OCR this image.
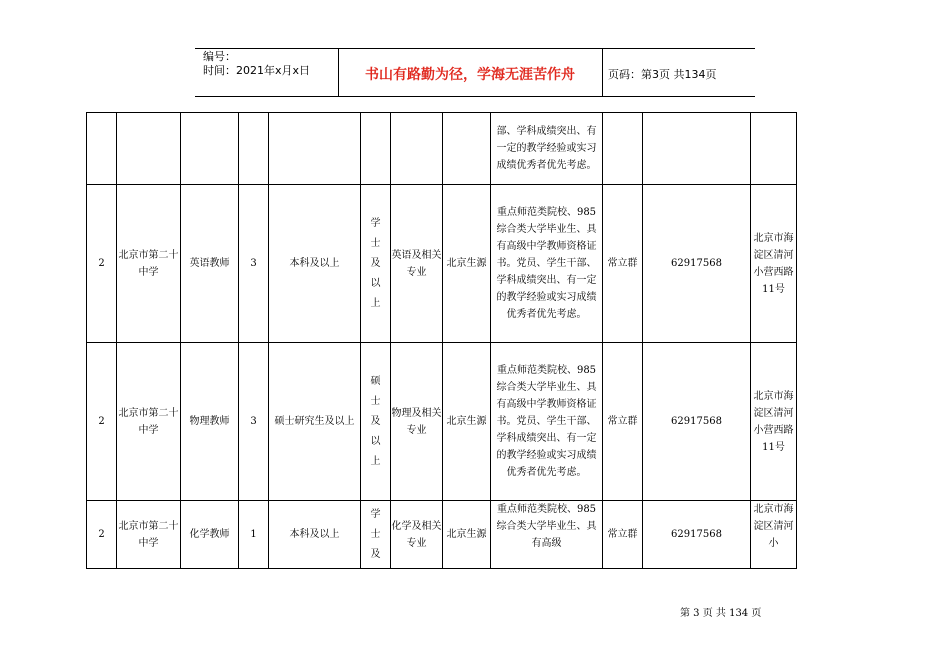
编号：
时间：2021年x月x日	书山有路勤为径，学海无涯苦作舟	页码：第3页 共134页

								部、学科成绩突出、有一定的教学经验或实习成绩优秀者优先考虑。			

2	北京市第二十中学	英语教师	3	本科及以上	学士及以上	英语及相关专业	北京生源	重点师范类院校、985综合类大学毕业生、具有高级中学教师资格证书。党员、学生干部、学科成绩突出、有一定的教学经验或实习成绩优秀者优先考虑。	常立群	62917568	北京市海淀区清河小营西路11号
2	北京市第二十中学	物理教师	3	硕士研究生及以上	硕士及以上	物理及相关专业	北京生源	重点师范类院校、985综合类大学毕业生、具有高级中学教师资格证书。党员、学生干部、学科成绩突出、有一定的教学经验或实习成绩优秀者优先考虑。	常立群	62917568	北京市海淀区清河小营西路11号
2	北京市第二十中学	化学教师	1	本科及以上	学士及	化学及相关专业	北京生源	重点师范类院校、985综合类大学毕业生、具有高级	常立群	62917568	北京市海淀区清河小
第 3 页 共 134 页
